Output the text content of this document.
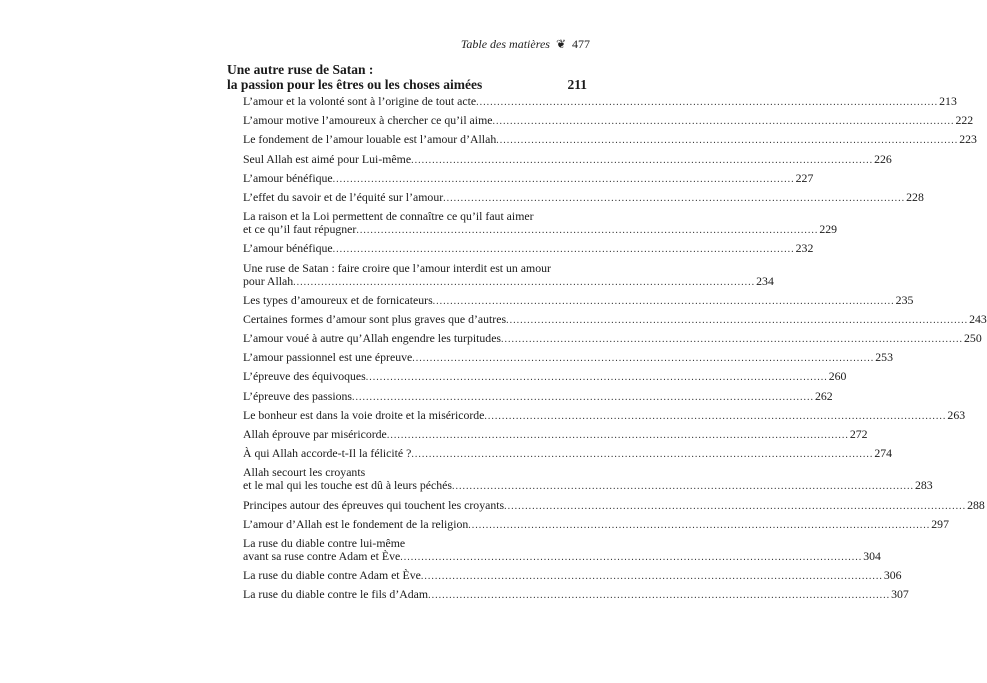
Table des matières ❦ 477
Une autre ruse de Satan :
la passion pour les êtres ou les choses aimées	211
L’amour et la volonté sont à l’origine de tout acte .....	213
L’amour motive l’amoureux à chercher ce qu’il aime .....	222
Le fondement de l’amour louable est l’amour d’Allah .....	223
Seul Allah est aimé pour Lui-même .....	226
L’amour bénéfique .....	227
L’effet du savoir et de l’équité sur l’amour .....	228
La raison et la Loi permettent de connaître ce qu’il faut aimer
et ce qu’il faut répugner .....	229
L’amour bénéfique .....	232
Une ruse de Satan : faire croire que l’amour interdit est un amour
pour Allah .....	234
Les types d’amoureux et de fornicateurs .....	235
Certaines formes d’amour sont plus graves que d’autres .....	243
L’amour voué à autre qu’Allah engendre les turpitudes .....	250
L’amour passionnel est une épreuve .....	253
L’épreuve des équivoques .....	260
L’épreuve des passions .....	262
Le bonheur est dans la voie droite et la miséricorde .....	263
Allah éprouve par miséricorde .....	272
À qui Allah accorde-t-Il la félicité ? .....	274
Allah secourt les croyants
et le mal qui les touche est dû à leurs péchés .....	283
Principes autour des épreuves qui touchent les croyants .....	288
L’amour d’Allah est le fondement de la religion .....	297
La ruse du diable contre lui-même
avant sa ruse contre Adam et Ève .....	304
La ruse du diable contre Adam et Ève .....	306
La ruse du diable contre le fils d’Adam .....	307
